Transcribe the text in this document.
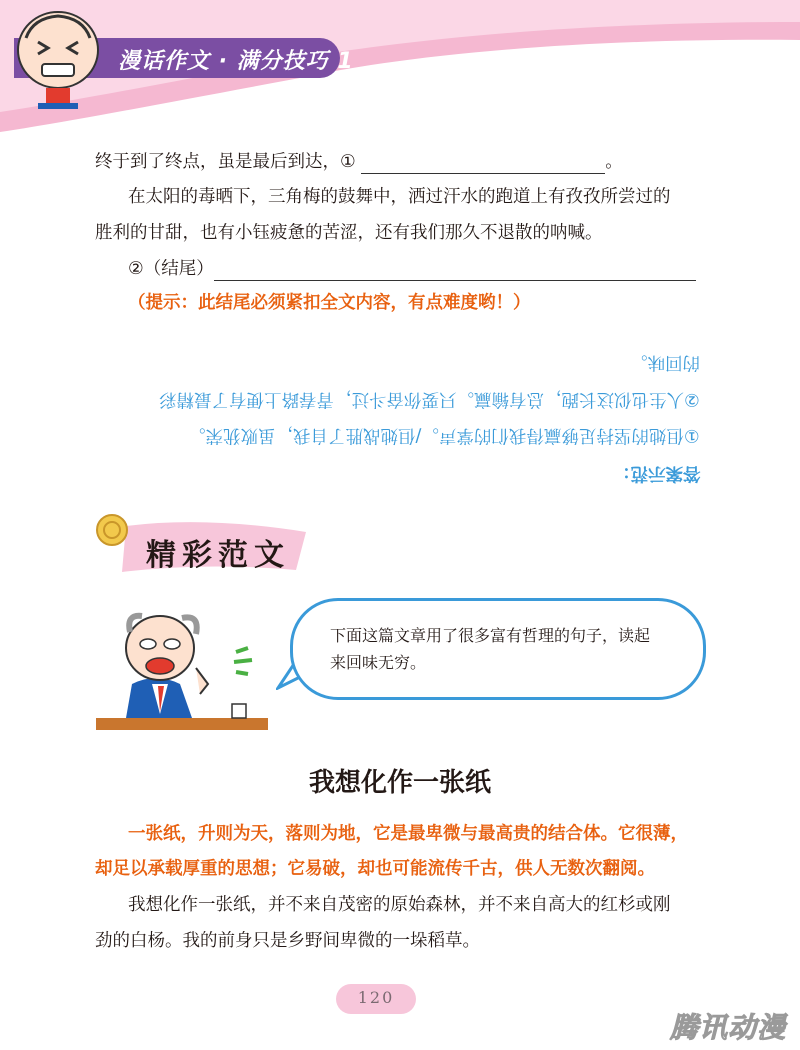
漫话作文 · 满分技巧 1
终于到了终点，虽是最后到达，①	。
在太阳的毒晒下，三角梅的鼓舞中，洒过汗水的跑道上有孜孜所尝过的
胜利的甘甜，也有小钰疲惫的苦涩，还有我们那久不退散的呐喊。
②（结尾）
（提示：此结尾必须紧扣全文内容，有点难度哟！）
的回味。
②人生也似这长跑，总有输赢。只要你奋斗过，青春路上便有了最精彩
①但她的坚持足够赢得我们的掌声。/但她战胜了自我，虽败犹荣。
答案示范：
精彩范文
下面这篇文章用了很多富有哲理的句子，读起来回味无穷。
我想化作一张纸
一张纸，升则为天，落则为地，它是最卑微与最高贵的结合体。它很薄，
却足以承载厚重的思想；它易破，却也可能流传千古，供人无数次翻阅。
我想化作一张纸，并不来自茂密的原始森林，并不来自高大的红杉或刚
劲的白杨。我的前身只是乡野间卑微的一垛稻草。
120
腾讯动漫
